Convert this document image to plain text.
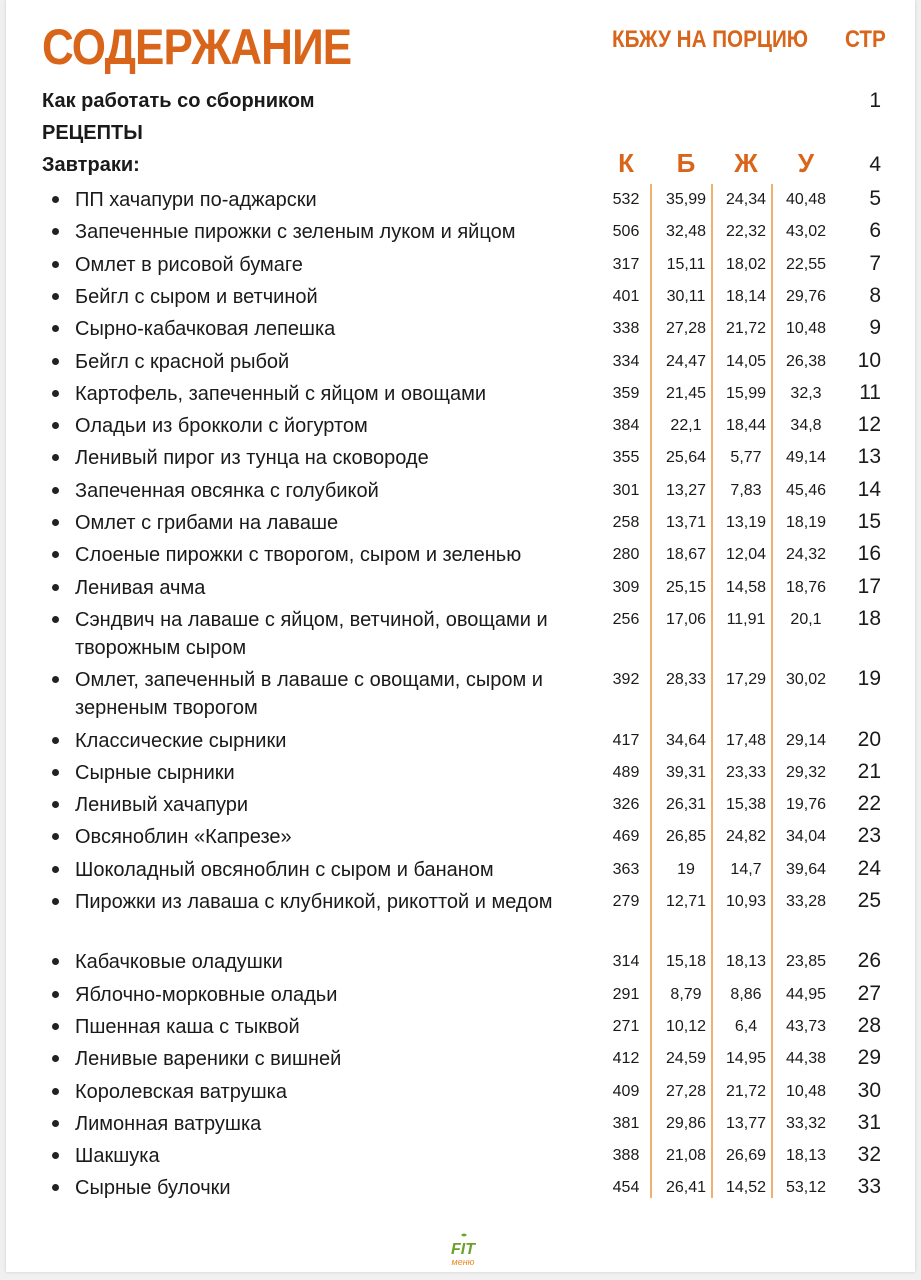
СОДЕРЖАНИЕ	КБЖУ НА ПОРЦИЮ СТР
Как работать со сборником	1
РЕЦЕПТЫ
Завтраки:	4
К	Б	Ж	У
ПП хачапури по-аджарски	532	35,99	24,34	40,48	5
Запеченные пирожки с зеленым луком и яйцом	506	32,48	22,32	43,02	6
Омлет в рисовой бумаге	317	15,11	18,02	22,55	7
Бейгл с сыром и ветчиной	401	30,11	18,14	29,76	8
Сырно-кабачковая лепешка	338	27,28	21,72	10,48	9
Бейгл с красной рыбой	334	24,47	14,05	26,38	10
Картофель, запеченный с яйцом и овощами	359	21,45	15,99	32,3	11
Оладьи из брокколи с йогуртом	384	22,1	18,44	34,8	12
Ленивый пирог из тунца на сковороде	355	25,64	5,77	49,14	13
Запеченная овсянка с голубикой	301	13,27	7,83	45,46	14
Омлет с грибами на лаваше	258	13,71	13,19	18,19	15
Слоеные пирожки с творогом, сыром и зеленью	280	18,67	12,04	24,32	16
Ленивая ачма	309	25,15	14,58	18,76	17
Сэндвич на лаваше с яйцом, ветчиной, овощами и творожным сыром
256	17,06	11,91	20,1	18
Омлет, запеченный в лаваше с овощами, сыром и зерненым творогом
392	28,33	17,29	30,02	19
Классические сырники	417	34,64	17,48	29,14	20
Сырные сырники	489	39,31	23,33	29,32	21
Ленивый хачапури	326	26,31	15,38	19,76	22
Овсяноблин «Капрезе»	469	26,85	24,82	34,04	23
Шоколадный овсяноблин с сыром и бананом	363	19	14,7	39,64	24
Пирожки из лаваша с клубникой, рикоттой и медом	279	12,71	10,93	33,28	25
Кабачковые оладушки	314	15,18	18,13	23,85	26
Яблочно-морковные оладьи	291	8,79	8,86	44,95	27
Пшенная каша с тыквой	271	10,12	6,4	43,73	28
Ленивые вареники с вишней	412	24,59	14,95	44,38	29
Королевская ватрушка	409	27,28	21,72	10,48	30
Лимонная ватрушка	381	29,86	13,77	33,32	31
Шакшука	388	21,08	26,69	18,13	32
Сырные булочки	454	26,41	14,52	53,12	33
FIT
меню
